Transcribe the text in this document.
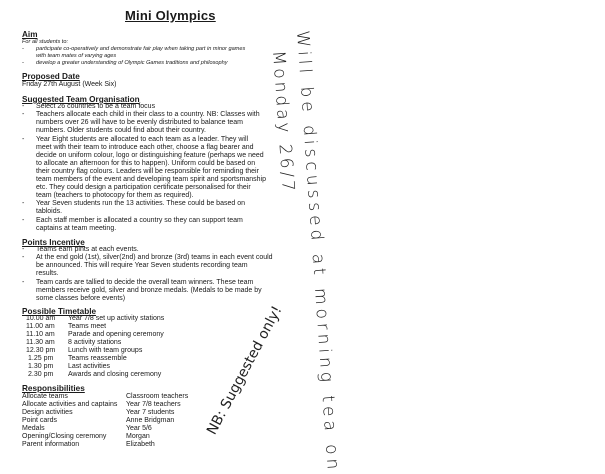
Mini Olympics
Aim
For all students to:
- participate co-operatively and demonstrate fair play when taking part in minor games
with team mates of varying ages
- develop a greater understanding of Olympic Games traditions and philosophy
Proposed Date
Friday 27th August (Week Six)
Suggested Team Organisation
- Select 26 countries to be a team focus
- Teachers allocate each child in their class to a country. NB: Classes with
numbers over 26 will have to be evenly distributed to balance team
numbers. Older students could find about their country.
- Year Eight students are allocated to each team as a leader. They will
meet with their team to introduce each other, choose a flag bearer and
decide on uniform colour, logo or distinguishing feature (perhaps we need
to allocate an afternoon for this to happen). Uniform could be based on
their country flag colours. Leaders will be responsible for reminding their
team members of the event and developing team spirit and sportsmanship
etc. They could design a participation certificate personalised for their
team (teachers to photocopy for them as required).
- Year Seven students run the 13 activities. These could be based on
tabloids.
- Each staff member is allocated a country so they can support team
captains at team meeting.
Points Incentive
- Teams earn pints at each events.
- At the end gold (1st), silver(2nd) and bronze (3rd) teams in each event could
be announced. This will require Year Seven students recording team
results.
- Team cards are tallied to decide the overall team winners. These team
members receive gold, silver and bronze medals. (Medals to be made by
some classes before events)
Possible Timetable
10.00 am Year 7/8 set up activity stations
11.00 am Teams meet
11.10 am Parade and opening ceremony
11.30 am 8 activity stations
12.30 pm Lunch with team groups
1.25 pm Teams reassemble
1.30 pm Last activities
2.30 pm Awards and closing ceremony
Responsibilities
Allocate teams	Classroom teachers
Allocate activities and captains Year 7/8 teachers
Design activities	Year 7 students
Point cards	Anne Bridgman
Medals	Year 5/6
Opening/Closing ceremony	Morgan
Parent information	Elizabeth	Will be discussed at morning tea on
Monday 26/7
NB: Suggested only!
